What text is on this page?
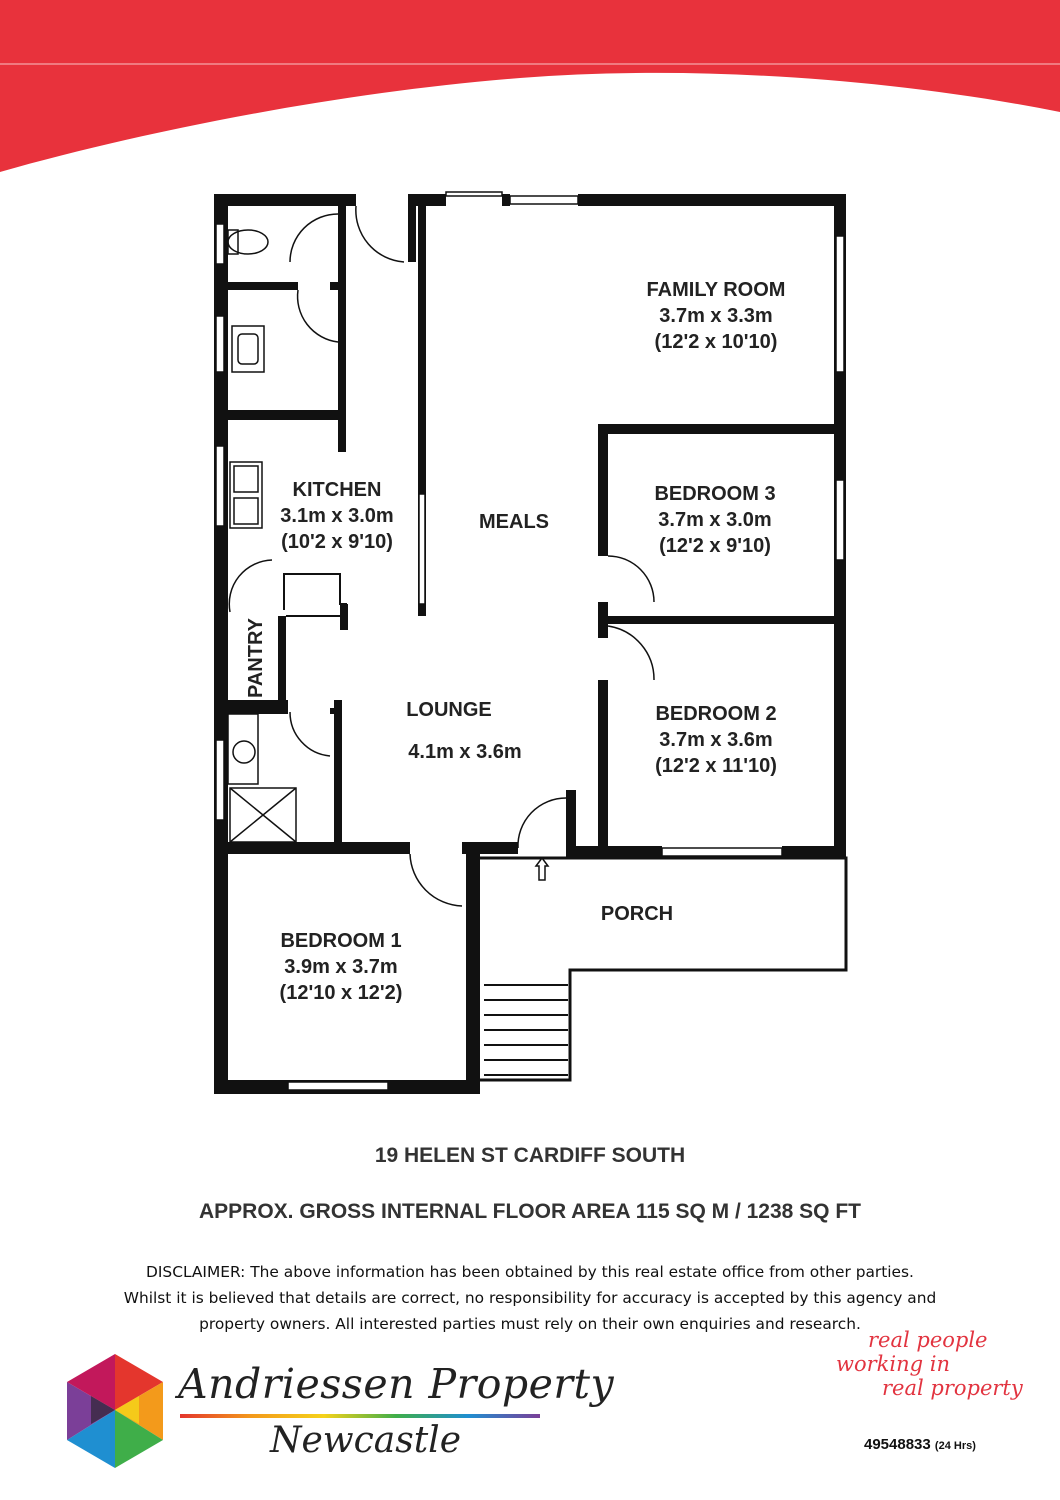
FAMILY ROOM
3.7m x 3.3m
(12'2 x 10'10)
BEDROOM 3
3.7m x 3.0m
(12'2 x 9'10)
KITCHEN
3.1m x 3.0m
(10'2 x 9'10)
MEALS
PANTRY
LOUNGE
4.1m x 3.6m
BEDROOM 2
3.7m x 3.6m
(12'2 x 11'10)
PORCH
BEDROOM 1
3.9m x 3.7m
(12'10 x 12'2)
19 HELEN ST CARDIFF SOUTH
APPROX. GROSS INTERNAL FLOOR AREA 115 SQ M / 1238 SQ FT
DISCLAIMER: The above information has been obtained by this real estate office from other parties. Whilst it is believed that details are correct, no responsibility for accuracy is accepted by this agency and property owners. All interested parties must rely on their own enquiries and research.
Andriessen Property
Newcastle
real people
working in
real property
49548833 (24 Hrs)
